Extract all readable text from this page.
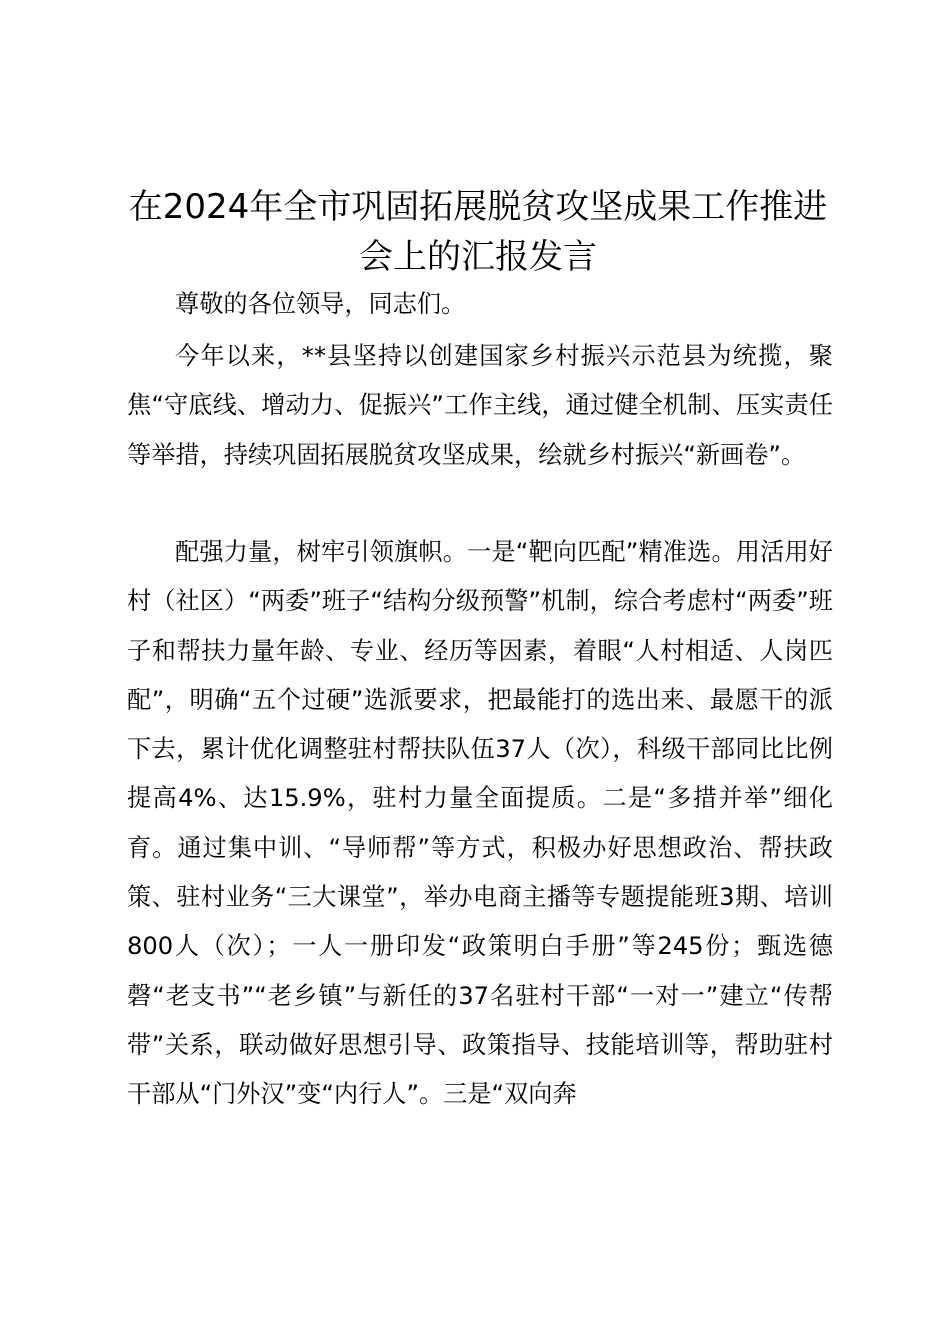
在2024年全市巩固拓展脱贫攻坚成果工作推进会上的汇报发言

尊敬的各位领导，同志们。

今年以来，**县坚持以创建国家乡村振兴示范县为统揽，聚焦“守底线、增动力、促振兴”工作主线，通过健全机制、压实责任等举措，持续巩固拓展脱贫攻坚成果，绘就乡村振兴“新画卷”。

配强力量，树牢引领旗帜。一是“靶向匹配”精准选。用活用好村（社区）“两委”班子“结构分级预警”机制，综合考虑村“两委”班子和帮扶力量年龄、专业、经历等因素，着眼“人村相适、人岗匹配”，明确“五个过硬”选派要求，把最能打的选出来、最愿干的派下去，累计优化调整驻村帮扶队伍37人（次），科级干部同比比例提高4%、达15.9%，驻村力量全面提质。二是“多措并举”细化育。通过集中训、“导师帮”等方式，积极办好思想政治、帮扶政策、驻村业务“三大课堂”，举办电商主播等专题提能班3期、培训800人（次）；一人一册印发“政策明白手册”等245份；甄选德磬“老支书”“老乡镇”与新任的37名驻村干部“一对一”建立“传帮带”关系，联动做好思想引导、政策指导、技能培训等，帮助驻村干部从“门外汉”变“内行人”。三是“双向奔
